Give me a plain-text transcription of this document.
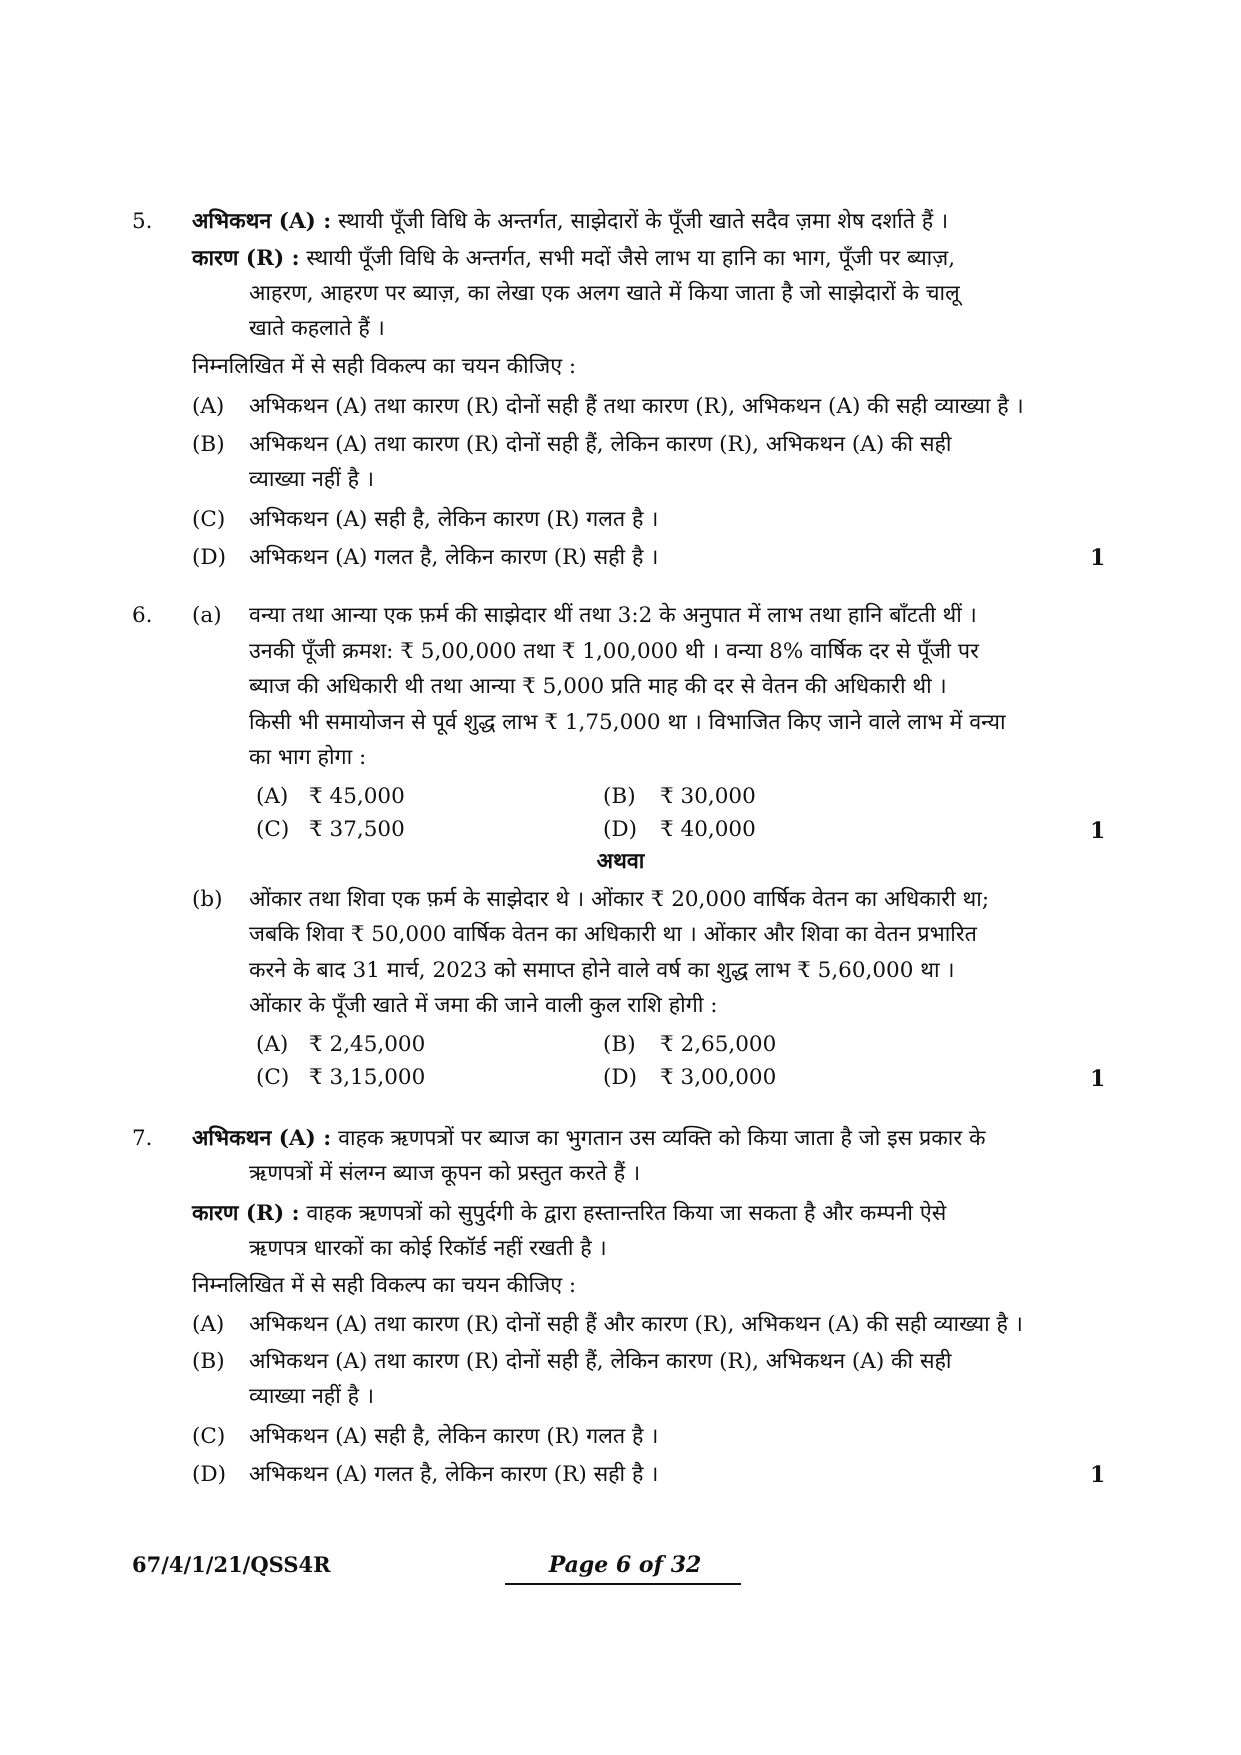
5. अभिकथन (A) : स्थायी पूँजी विधि के अन्तर्गत, साझेदारों के पूँजी खाते सदैव ज़मा शेष दर्शाते हैं ।
कारण (R) : स्थायी पूँजी विधि के अन्तर्गत, सभी मदों जैसे लाभ या हानि का भाग, पूँजी पर ब्याज़,
आहरण, आहरण पर ब्याज़, का लेखा एक अलग खाते में किया जाता है जो साझेदारों के चालू
खाते कहलाते हैं ।
निम्नलिखित में से सही विकल्प का चयन कीजिए :
(A) अभिकथन (A) तथा कारण (R) दोनों सही हैं तथा कारण (R), अभिकथन (A) की सही व्याख्या है ।
(B) अभिकथन (A) तथा कारण (R) दोनों सही हैं, लेकिन कारण (R), अभिकथन (A) की सही
व्याख्या नहीं है ।
(C) अभिकथन (A) सही है, लेकिन कारण (R) गलत है ।
(D) अभिकथन (A) गलत है, लेकिन कारण (R) सही है ।	1
6. (a) वन्या तथा आन्या एक फ़र्म की साझेदार थीं तथा 3:2 के अनुपात में लाभ तथा हानि बाँटती थीं ।
उनकी पूँजी क्रमश: ₹ 5,00,000 तथा ₹ 1,00,000 थी । वन्या 8% वार्षिक दर से पूँजी पर
ब्याज की अधिकारी थी तथा आन्या ₹ 5,000 प्रति माह की दर से वेतन की अधिकारी थी ।
किसी भी समायोजन से पूर्व शुद्ध लाभ ₹ 1,75,000 था । विभाजित किए जाने वाले लाभ में वन्या
का भाग होगा :
(A) ₹ 45,000	(B) ₹ 30,000
(C) ₹ 37,500	(D) ₹ 40,000	1
अथवा
(b) ओंकार तथा शिवा एक फ़र्म के साझेदार थे । ओंकार ₹ 20,000 वार्षिक वेतन का अधिकारी था;
जबकि शिवा ₹ 50,000 वार्षिक वेतन का अधिकारी था । ओंकार और शिवा का वेतन प्रभारित
करने के बाद 31 मार्च, 2023 को समाप्त होने वाले वर्ष का शुद्ध लाभ ₹ 5,60,000 था ।
ओंकार के पूँजी खाते में जमा की जाने वाली कुल राशि होगी :
(A) ₹ 2,45,000	(B) ₹ 2,65,000
(C) ₹ 3,15,000	(D) ₹ 3,00,000	1
7. अभिकथन (A) : वाहक ऋणपत्रों पर ब्याज का भुगतान उस व्यक्ति को किया जाता है जो इस प्रकार के
ऋणपत्रों में संलग्न ब्याज कूपन को प्रस्तुत करते हैं ।
कारण (R) : वाहक ऋणपत्रों को सुपुर्दगी के द्वारा हस्तान्तरित किया जा सकता है और कम्पनी ऐसे
ऋणपत्र धारकों का कोई रिकॉर्ड नहीं रखती है ।
निम्नलिखित में से सही विकल्प का चयन कीजिए :
(A) अभिकथन (A) तथा कारण (R) दोनों सही हैं और कारण (R), अभिकथन (A) की सही व्याख्या है ।
(B) अभिकथन (A) तथा कारण (R) दोनों सही हैं, लेकिन कारण (R), अभिकथन (A) की सही
व्याख्या नहीं है ।
(C) अभिकथन (A) सही है, लेकिन कारण (R) गलत है ।
(D) अभिकथन (A) गलत है, लेकिन कारण (R) सही है ।	1
67/4/1/21/QSS4R	Page 6 of 32
